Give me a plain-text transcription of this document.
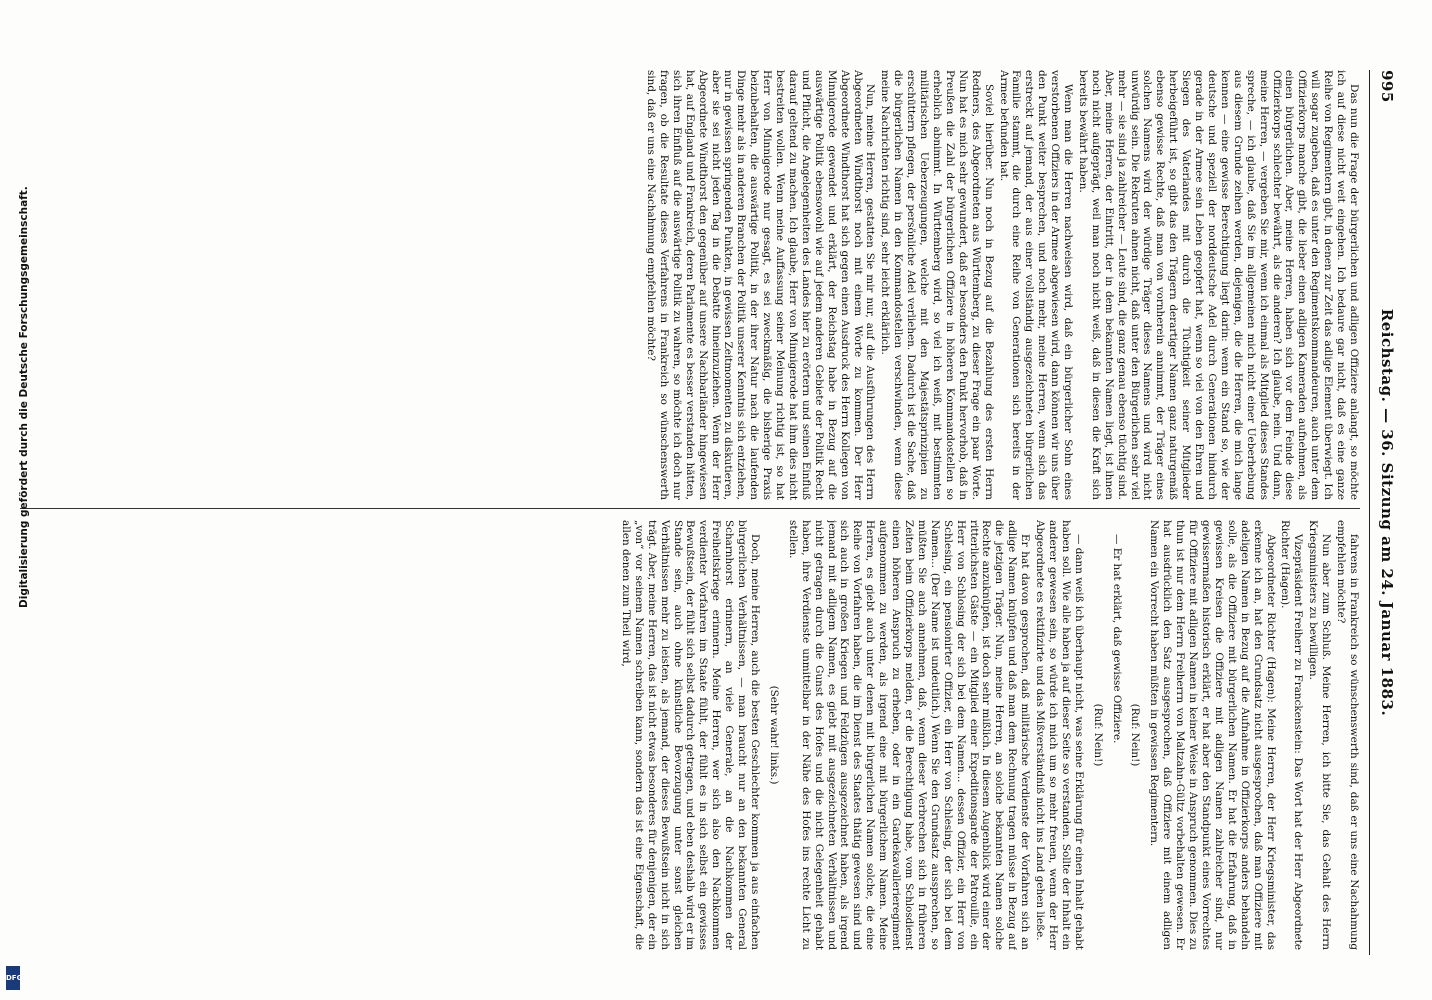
995
Reichstag. — 36. Sitzung am 24. Januar 1883.

Das nun die Frage der bürgerlichen und adligen Offiziere anlangt, so möchte ich auf diese nicht weit eingehen. Ich bedaure gar nicht, daß es eine ganze Reihe von Regimentern gibt, in denen zur Zeit das adlige Element überwiegt. Ich will sogar zugeben, daß es unter den Regimentskommandeuren, auch unter dem Offizierkorps manche gibt, die lieber einen adligen Kameraden aufnehmen, als einen bürgerlichen. Aber, meine Herren, haben sich vor dem Feinde diese Offizierkorps schlechter bewährt, als die anderen? Ich glaube, nein. Und dann, meine Herren, — vergeben Sie mir, wenn ich einmal als Mitglied dieses Standes spreche, — ich glaube, daß Sie im allgemeinen mich nicht einer Ueberhebung aus diesem Grunde zeihen werden, diejenigen, die die Herren, die mich lange kennen — eine gewisse Berechtigung liegt darin: wenn ein Stand so, wie der deutsche und speziell der norddeutsche Adel durch Generationen hindurch gerade in der Armee sein Leben geopfert hat, wenn so viel von den Ehren und Siegen des Vaterlandes mit durch die Tüchtigkeit seiner Mitglieder herbeigeführt ist, so gibt das den Trägern derartiger Namen ganz naturgemäß ebenso gewisse Rechte, daß man von vornherein annimmt, der Träger eines solchen Namens wird der würdige Träger dieses Namens und wird nicht unwürdig sein. Die Rekruten ahnen nicht, daß unter den Bürgerlichen sehr viel mehr — sie sind ja zahlreicher — Leute sind, die ganz genau ebenso tüchtig sind. Aber, meine Herren, der Eintritt, der in dem bekannten Namen liegt, ist ihnen noch nicht aufgeprägt, weil man noch nicht weiß, daß in diesen die Kraft sich bereits bewährt haben.

Wenn man die Herren nachweisen wird, daß ein bürgerlicher Sohn eines verstorbenen Offiziers in der Armee abgewiesen wird, dann können wir uns über den Punkt weiter besprechen, und noch mehr, meine Herren, wenn sich das erstreckt auf jemand, der aus einer vollständig ausgezeichneten bürgerlichen Familie stammt, die durch eine Reihe von Generationen sich bereits in der Armee befunden hat.

Soviel hierüber. Nun noch in Bezug auf die Bezahlung des ersten Herrn Redners, des Abgeordneten aus Württemberg, zu dieser Frage ein paar Worte. Nun hat es mich sehr gewundert, daß er besonders den Punkt hervorhob, daß in Preußen die Zahl der bürgerlichen Offiziere in höheren Kommandostellen so erheblich abnimmt. In Württemberg wird, so viel ich weiß, mit bestimmten militärischen Ueberzeugungen, welche mit den Majestätsprinzipien zu erschüttern pflegen, der persönliche Adel verliehen. Dadurch ist die Sache, daß die bürgerlichen Namen in den Kommandostellen verschwinden, wenn diese meine Nachrichten richtig sind, sehr leicht erklärlich.

Nun, meine Herren, gestatten Sie mir nur, auf die Ausführungen des Herrn Abgeordneten Windthorst noch mit einem Worte zu kommen. Der Herr Abgeordnete Windthorst hat sich gegen einen Ausdruck des Herrn Kollegen von Minnigerode gewendet und erklärt, der Reichstag habe in Bezug auf die auswärtige Politik ebensowohl wie auf jedem anderen Gebiete der Politik Recht und Pflicht, die Angelegenheiten des Landes hier zu erörtern und seinen Einfluß darauf geltend zu machen. Ich glaube, Herr von Minnigerode hat ihm dies nicht bestreiten wollen. Wenn meine Auffassung seiner Meinung richtig ist, so hat Herr von Minnigerode nur gesagt, es sei zweckmäßig, die bisherige Praxis beizubehalten, die auswärtige Politik, in der ihrer Natur nach die laufenden Dinge mehr als in anderen Branchen der Politik unserer Kenntnis sich entziehen, nur in gewissen springenden Punkten, in gewissen Zeitmomenten zu diskutieren, aber sie sei nicht jeden Tag in die Debatte hineinzuziehen. Wenn der Herr Abgeordnete Windthorst den gegenüber auf unsere Nachbarländer hingewiesen hat, auf England und Frankreich, deren Parlamente es besser verstanden hätten, sich ihren Einfluß auf die auswärtige Politik zu wahren, so möchte ich doch nur fragen, ob die Resultate dieses Verfahrens in Frankreich so wünschenswerth sind, daß er uns eine Nachahmung empfehlen möchte?

fahrens in Frankreich so wünschenswerth sind, daß er uns eine Nachahmung empfehlen möchte?

Nun aber zum Schluß. Meine Herren, ich bitte Sie, das Gehalt des Herrn Kriegsministers zu bewilligen.

Vizepräsident Freiherr zu Franckenstein: Das Wort hat der Herr Abgeordnete Richter (Hagen).

Abgeordneter Richter (Hagen): Meine Herren, der Herr Kriegsminister, das erkenne ich an, hat den Grundsatz nicht ausgesprochen, daß man Offiziere mit adeligen Namen in Bezug auf die Aufnahme in Offizierkorps anders behandeln solle, als die Offiziere mit bürgerlichen Namen. Er hat die Erfahrung, daß in gewissen Kreisen die Offiziere mit adligen Namen zahlreicher sind, nur gewissermaßen historisch erklärt, er hat aber den Standpunkt eines Vorrechtes für Offiziere mit adligen Namen in keiner Weise in Anspruch genommen. Dies zu thun ist nur dem Herrn Freiherrn von Maltzahn-Gültz vorbehalten gewesen. Er hat ausdrücklich den Satz ausgesprochen, daß Offiziere mit einem adligen Namen ein Vorrecht haben müßten in gewissen Regimentern.

(Ruf: Nein!)

— Er hat erklärt, daß gewisse Offiziere.

(Ruf: Nein!)

— dann weiß ich überhaupt nicht, was seine Erklärung für einen Inhalt gehabt haben soll. Wie alle haben ja auf dieser Seite so verstanden. Sollte der Inhalt ein anderer gewesen sein, so würde ich mich um so mehr freuen, wenn der Herr Abgeordnete es rektifizirte und das Mißverständniß nicht ins Land gehen ließe.

Er hat davon gesprochen, daß militärische Verdienste der Vorfahren sich an adlige Namen knüpfen und daß man dem Rechnung tragen müsse in Bezug auf die jetzigen Träger. Nun, meine Herren, an solche bekannten Namen solche Rechte anzuknüpfen, ist doch sehr mißlich. In diesem Augenblick wird einer der ritterlichsten Gäste — ein Mitglied einer Expeditionsgarde der Patrouille, ein Herr von Schlosing der sich bei dem Namen... dessen Offizier, ein Herr von Schlesing, ein pensionirter Offizier, ein Herr von Schlesing, der sich bei dem Namen... (Der Name ist undeutlich.) Wenn Sie den Grundsatz aussprechen, so müßten Sie auch annehmen, daß, wenn dieser Verbrechen sich in früheren Zeiten beim Offizierkorps melden, er die Berechtigung habe, vom Schlosdienst einen höheren Anspruch zu erheben, oder in ein Gardekavallerieregiment aufgenommen zu werden, als irgend eine mit bürgerlichem Namen. Meine Herren, es giebt auch unter denen mit bürgerlichen Namen solche, die eine Reihe von Vorfahren haben, die im Dienst des Staates thätig gewesen sind und sich auch in großen Kriegen und Feldzügen ausgezeichnet haben, als irgend jemand mit adligem Namen, es giebt mit ausgezeichneten Verhältnissen und nicht getragen durch die Gunst des Hofes und die nicht Gelegenheit gehabt haben, ihre Verdienste unmittelbar in der Nähe des Hofes ins rechte Licht zu stellen.

(Sehr wahr! links.)

Doch, meine Herren, auch die besten Geschlechter kommen ja aus einfachen bürgerlichen Verhältnissen, — man braucht nur an den bekannten General Scharnhorst erinnern, an viele Generale, an die Nachkommen der Freiheitskriege erinnern. Meine Herren, wer sich also den Nachkommen verdienter Vorfahren im Staate fühlt, der fühlt es in sich selbst ein gewisses Bewußtsein, der fühlt sich selbst dadurch getragen, und eben deshalb wird er im Stande sein, auch ohne künstliche Bevorzugung unter sonst gleichen Verhältnissen mehr zu leisten, als jemand, der dieses Bewußtsein nicht in sich trägt. Aber, meine Herren, das ist nicht etwas besonderes für denjenigen, der ein „von“ vor seinem Namen schreiben kann, sondern das ist eine Eigenschaft, die allen denen zum Theil wird,

Digitalisierung gefördert durch die Deutsche Forschungsgemeinschaft.
DFG
